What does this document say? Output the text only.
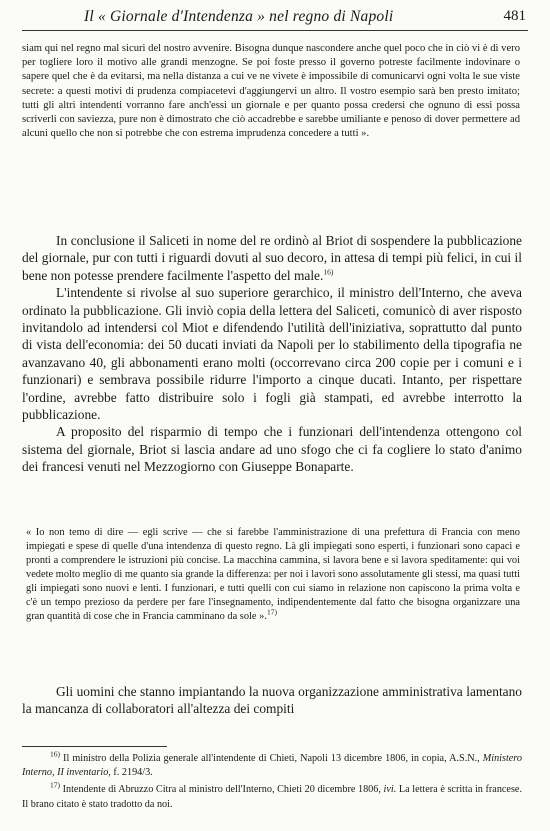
Il « Giornale d'Intendenza » nel regno di Napoli	481

siam qui nel regno mal sicuri del nostro avvenire. Bisogna dunque nascondere anche quel poco che in ciò vi è di vero per togliere loro il motivo alle grandi menzogne. Se poi foste presso il governo potreste facilmente indovinare o sapere quel che è da evitarsi, ma nella distanza a cui ve ne vivete è impossibile di comunicarvi ogni volta le sue viste secrete: a questi motivi di prudenza compiacetevi d'aggiungervi un altro. Il vostro esempio sarà ben presto imitato; tutti gli altri intendenti vorranno fare anch'essi un giornale e per quanto possa credersi che ognuno di essi possa scriverli con saviezza, pure non è dimostrato che ciò accadrebbe e sarebbe umiliante e penoso di dover permettere ad alcuni quello che non si potrebbe che con estrema imprudenza concedere a tutti ».

In conclusione il Saliceti in nome del re ordinò al Briot di sospendere la pubblicazione del giornale, pur con tutti i riguardi dovuti al suo decoro, in attesa di tempi più felici, in cui il bene non potesse prendere facilmente l'aspetto del male.$^{16)}$

L'intendente si rivolse al suo superiore gerarchico, il ministro dell'Interno, che aveva ordinato la pubblicazione. Gli inviò copia della lettera del Saliceti, comunicò di aver risposto invitandolo ad intendersi col Miot e difendendo l'utilità dell'iniziativa, soprattutto dal punto di vista dell'economia: dei 50 ducati inviati da Napoli per lo stabilimento della tipografia ne avanzavano 40, gli abbonamenti erano molti (occorrevano circa 200 copie per i comuni e i funzionari) e sembrava possibile ridurre l'importo a cinque ducati. Intanto, per rispettare l'ordine, avrebbe fatto distribuire solo i fogli già stampati, ed avrebbe interrotto la pubblicazione.

A proposito del risparmio di tempo che i funzionari dell'intendenza ottengono col sistema del giornale, Briot si lascia andare ad uno sfogo che ci fa cogliere lo stato d'animo dei francesi venuti nel Mezzogiorno con Giuseppe Bonaparte.

« Io non temo di dire — egli scrive — che si farebbe l'amministrazione di una prefettura di Francia con meno impiegati e spese di quelle d'una intendenza di questo regno. Là gli impiegati sono esperti, i funzionari sono capaci e pronti a comprendere le istruzioni più concise. La macchina cammina, si lavora bene e si lavora speditamente: qui voi vedete molto meglio di me quanto sia grande la differenza: per noi i lavori sono assolutamente gli stessi, ma quasi tutti gli impiegati sono nuovi e lenti. I funzionari, e tutti quelli con cui siamo in relazione non capiscono la prima volta e c'è un tempo prezioso da perdere per fare l'insegnamento, indipendentemente dal fatto che bisogna organizzare una gran quantità di cose che in Francia camminano da sole ».$^{17)}$

Gli uomini che stanno impiantando la nuova organizzazione amministrativa lamentano la mancanza di collaboratori all'altezza dei compiti

$^{16)}$ Il ministro della Polizia generale all'intendente di Chieti, Napoli 13 dicembre 1806, in copia, A.S.N., Ministero Interno, II inventario, f. 2194/3.

$^{17)}$ Intendente di Abruzzo Citra al ministro dell'Interno, Chieti 20 dicembre 1806, ivi. La lettera è scritta in francese. Il brano citato è stato tradotto da noi.
